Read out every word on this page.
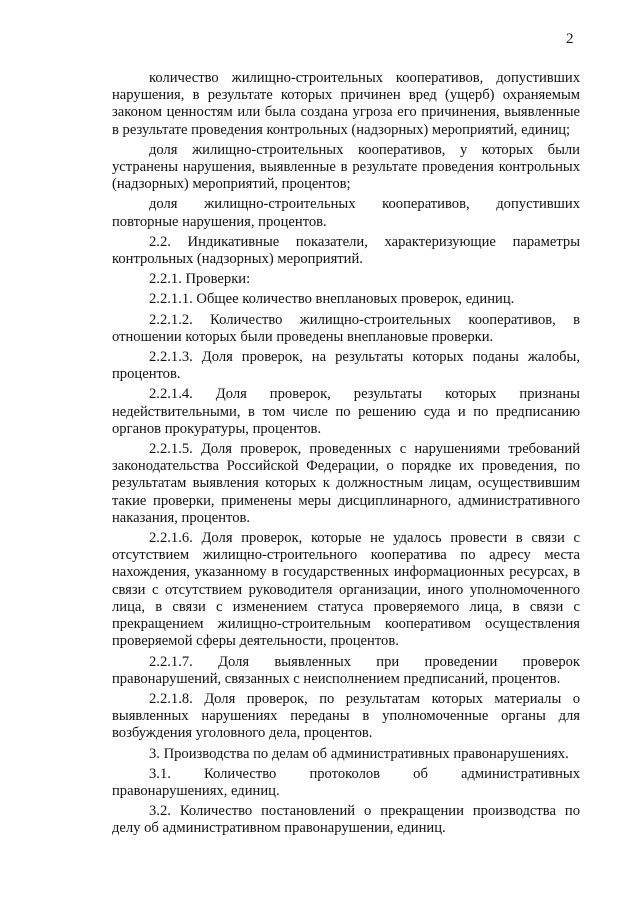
2

количество жилищно-строительных кооперативов, допустивших нарушения, в результате которых причинен вред (ущерб) охраняемым законом ценностям или была создана угроза его причинения, выявленные в результате проведения контрольных (надзорных) мероприятий, единиц;

доля жилищно-строительных кооперативов, у которых были устранены нарушения, выявленные в результате проведения контрольных (надзорных) мероприятий, процентов;

доля жилищно-строительных кооперативов, допустивших повторные нарушения, процентов.

2.2. Индикативные показатели, характеризующие параметры контрольных (надзорных) мероприятий.

2.2.1. Проверки:

2.2.1.1. Общее количество внеплановых проверок, единиц.

2.2.1.2. Количество жилищно-строительных кооперативов, в отношении которых были проведены внеплановые проверки.

2.2.1.3. Доля проверок, на результаты которых поданы жалобы, процентов.

2.2.1.4. Доля проверок, результаты которых признаны недействительными, в том числе по решению суда и по предписанию органов прокуратуры, процентов.

2.2.1.5. Доля проверок, проведенных с нарушениями требований законодательства Российской Федерации, о порядке их проведения, по результатам выявления которых к должностным лицам, осуществившим такие проверки, применены меры дисциплинарного, административного наказания, процентов.

2.2.1.6. Доля проверок, которые не удалось провести в связи с отсутствием жилищно-строительного кооператива по адресу места нахождения, указанному в государственных информационных ресурсах, в связи с отсутствием руководителя организации, иного уполномоченного лица, в связи с изменением статуса проверяемого лица, в связи с прекращением жилищно-строительным кооперативом осуществления проверяемой сферы деятельности, процентов.

2.2.1.7. Доля выявленных при проведении проверок правонарушений, связанных с неисполнением предписаний, процентов.

2.2.1.8. Доля проверок, по результатам которых материалы о выявленных нарушениях переданы в уполномоченные органы для возбуждения уголовного дела, процентов.

3. Производства по делам об административных правонарушениях.

3.1. Количество протоколов об административных правонарушениях, единиц.

3.2. Количество постановлений о прекращении производства по делу об административном правонарушении, единиц.
